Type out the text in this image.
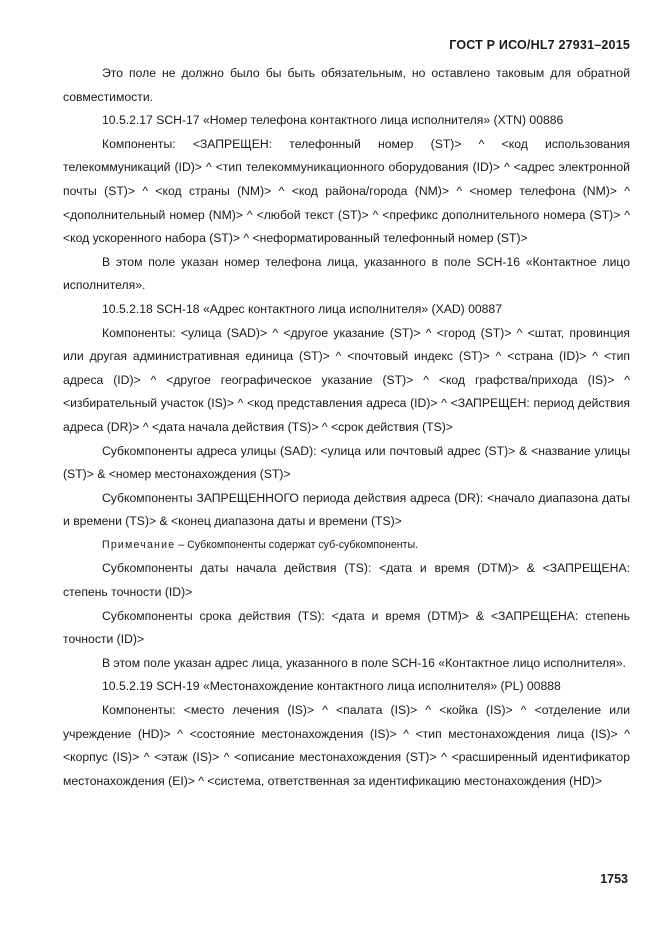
ГОСТ Р ИСО/HL7 27931–2015

Это поле не должно было бы быть обязательным, но оставлено таковым для обратной совместимости.

10.5.2.17 SCH-17 «Номер телефона контактного лица исполнителя» (XTN) 00886

Компоненты: <ЗАПРЕЩЕН: телефонный номер (ST)> ^ <код использования телекоммуникаций (ID)> ^ <тип телекоммуникационного оборудования (ID)> ^ <адрес электронной почты (ST)> ^ <код страны (NM)> ^ <код района/города (NM)> ^ <номер телефона (NM)> ^ <дополнительный номер (NM)> ^ <любой текст (ST)> ^ <префикс дополнительного номера (ST)> ^ <код ускоренного набора (ST)> ^ <неформатированный телефонный номер (ST)>

В этом поле указан номер телефона лица, указанного в поле SCH-16 «Контактное лицо исполнителя».

10.5.2.18 SCH-18 «Адрес контактного лица исполнителя» (XAD) 00887

Компоненты: <улица (SAD)> ^ <другое указание (ST)> ^ <город (ST)> ^ <штат, провинция или другая административная единица (ST)> ^ <почтовый индекс (ST)> ^ <страна (ID)> ^ <тип адреса (ID)> ^ <другое географическое указание (ST)> ^ <код графства/прихода (IS)> ^ <избирательный участок (IS)> ^ <код представления адреса (ID)> ^ <ЗАПРЕЩЕН: период действия адреса (DR)> ^ <дата начала действия (TS)> ^ <срок действия (TS)>

Субкомпоненты адреса улицы (SAD): <улица или почтовый адрес (ST)> & <название улицы (ST)> & <номер местонахождения (ST)>

Субкомпоненты ЗАПРЕЩЕННОГО периода действия адреса (DR): <начало диапазона даты и времени (TS)> & <конец диапазона даты и времени (TS)>

Примечание – Субкомпоненты содержат суб-субкомпоненты.

Субкомпоненты даты начала действия (TS): <дата и время (DTM)> & <ЗАПРЕЩЕНА: степень точности (ID)>

Субкомпоненты срока действия (TS): <дата и время (DTM)> & <ЗАПРЕЩЕНА: степень точности (ID)>

В этом поле указан адрес лица, указанного в поле SCH-16 «Контактное лицо исполнителя».

10.5.2.19 SCH-19 «Местонахождение контактного лица исполнителя» (PL) 00888

Компоненты: <место лечения (IS)> ^ <палата (IS)> ^ <койка (IS)> ^ <отделение или учреждение (HD)> ^ <состояние местонахождения (IS)> ^ <тип местонахождения лица (IS)> ^ <корпус (IS)> ^ <этаж (IS)> ^ <описание местонахождения (ST)> ^ <расширенный идентификатор местонахождения (EI)> ^ <система, ответственная за идентификацию местонахождения (HD)>

1753
